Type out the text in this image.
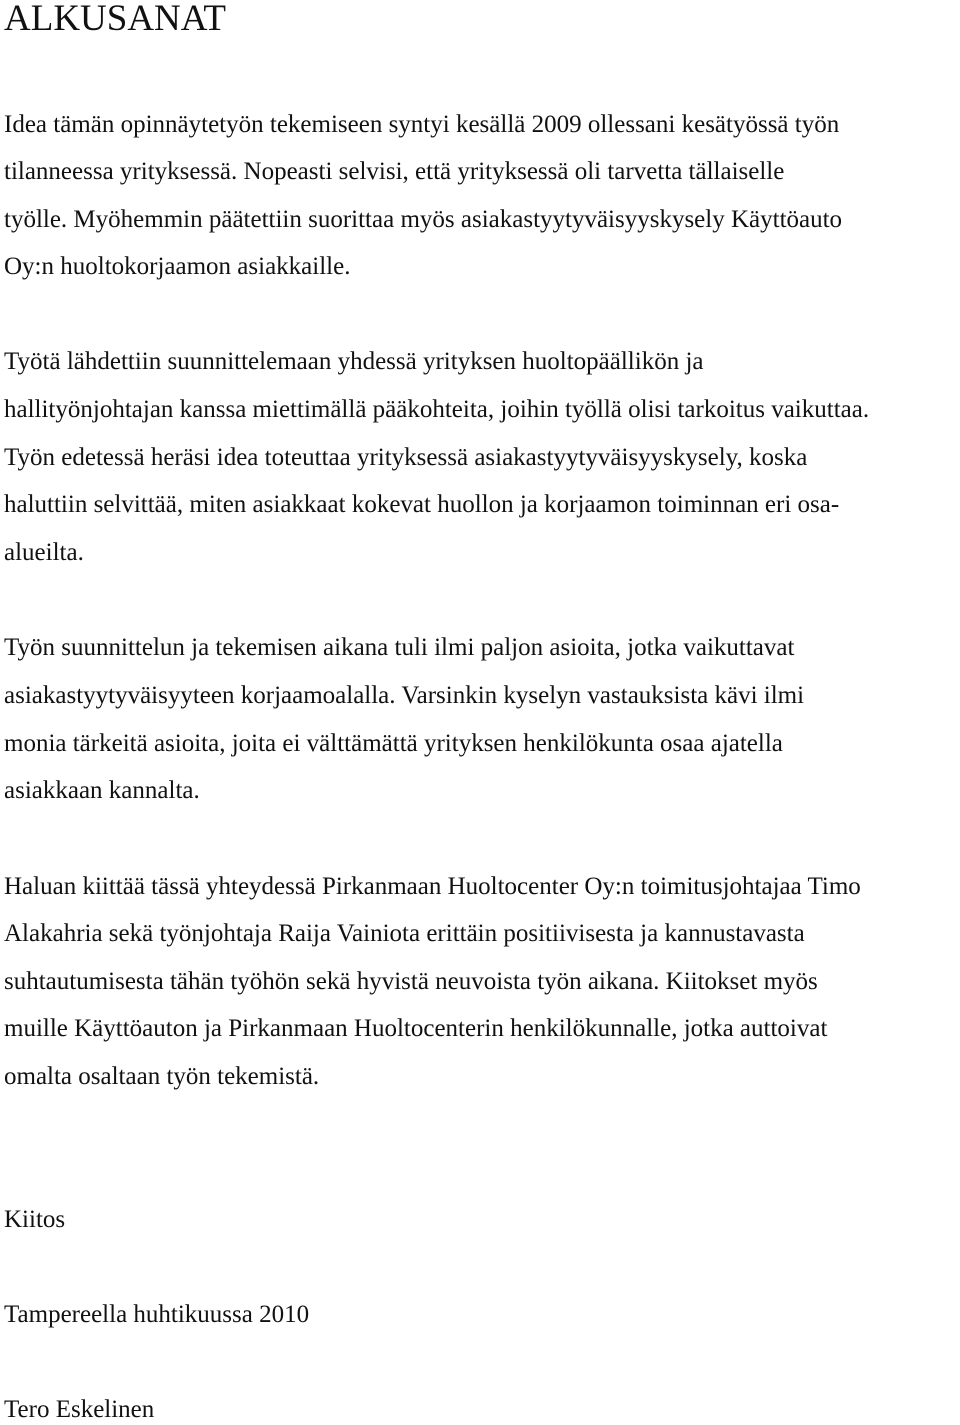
ALKUSANAT

Idea tämän opinnäytetyön tekemiseen syntyi kesällä 2009 ollessani kesätyössä työn

tilanneessa yrityksessä. Nopeasti selvisi, että yrityksessä oli tarvetta tällaiselle

työlle. Myöhemmin päätettiin suorittaa myös asiakastyytyväisyyskysely Käyttöauto

Oy:n huoltokorjaamon asiakkaille.

Työtä lähdettiin suunnittelemaan yhdessä yrityksen huoltopäällikön ja

hallityönjohtajan kanssa miettimällä pääkohteita, joihin työllä olisi tarkoitus vaikuttaa.

Työn edetessä heräsi idea toteuttaa yrityksessä asiakastyytyväisyyskysely, koska

haluttiin selvittää, miten asiakkaat kokevat huollon ja korjaamon toiminnan eri osa-

alueilta.

Työn suunnittelun ja tekemisen aikana tuli ilmi paljon asioita, jotka vaikuttavat

asiakastyytyväisyyteen korjaamoalalla. Varsinkin kyselyn vastauksista kävi ilmi

monia tärkeitä asioita, joita ei välttämättä yrityksen henkilökunta osaa ajatella

asiakkaan kannalta.

Haluan kiittää tässä yhteydessä Pirkanmaan Huoltocenter Oy:n toimitusjohtajaa Timo

Alakahria sekä työnjohtaja Raija Vainiota erittäin positiivisesta ja kannustavasta

suhtautumisesta tähän työhön sekä hyvistä neuvoista työn aikana. Kiitokset myös

muille Käyttöauton ja Pirkanmaan Huoltocenterin henkilökunnalle, jotka auttoivat

omalta osaltaan työn tekemistä.

Kiitos

Tampereella huhtikuussa 2010

Tero Eskelinen
